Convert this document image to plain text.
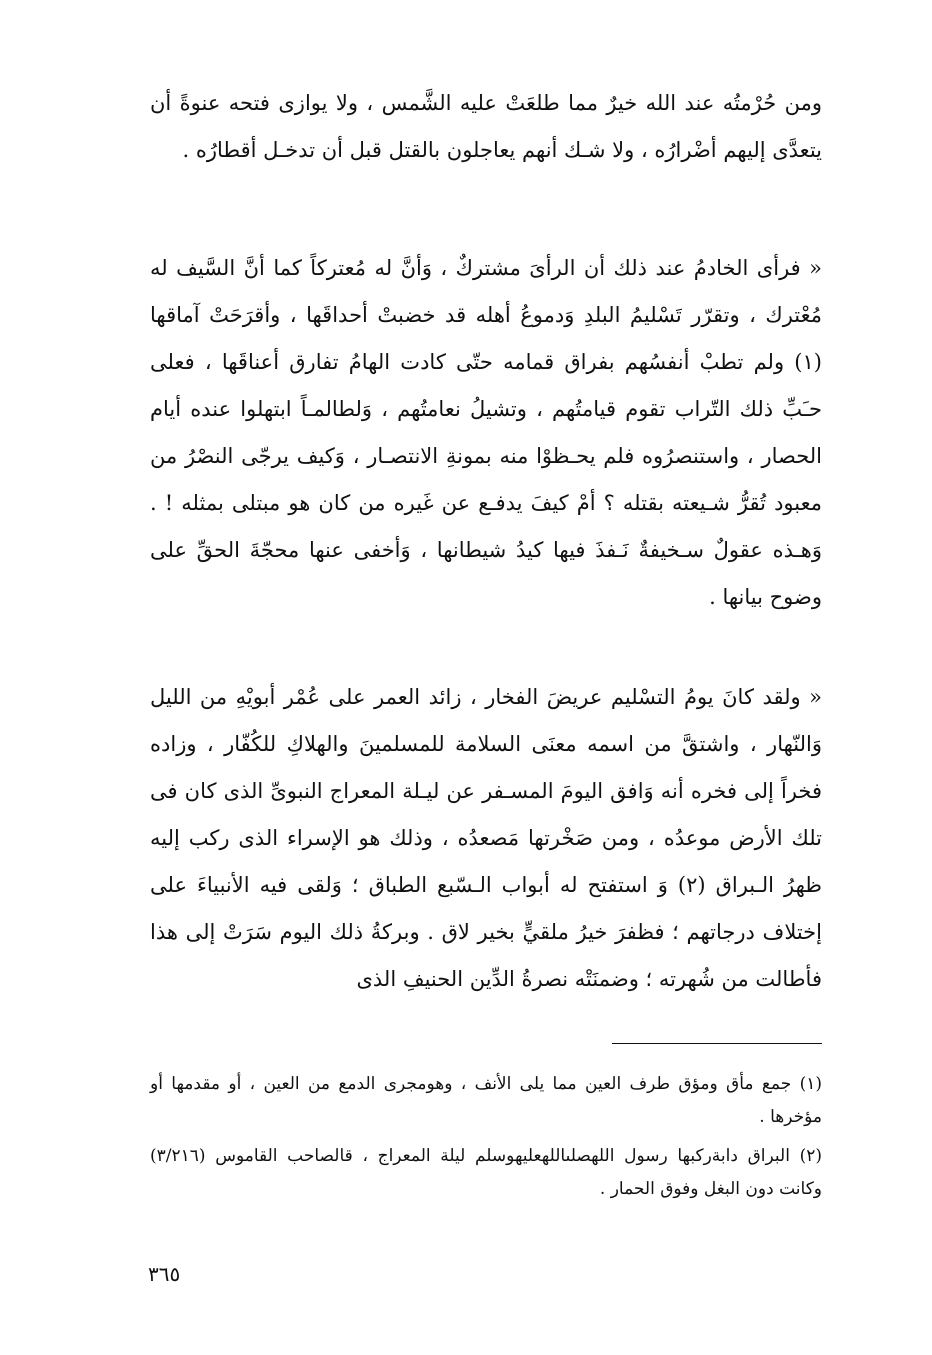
ومن حُرْمتُه عند الله خيرٌ مما طلعَتْ عليه الشَّمس ، ولا يوازى فتحه عنوةً أن يتعدَّى إليهم أضْرارُه ، ولا شـك أنهم يعاجلون بالقتل قبل أن تدخـل أقطارُه .

« فرأى الخادمُ عند ذلك أن الرأىَ مشتركٌ ، وَأنَّ له مُعتركاً كما أنَّ السَّيف له مُعْترك ، وتقرّر تَسْليمُ البلدِ وَدموعُ أهله قد خضبتْ أحداقَها ، وأقرَحَتْ آماقها (١) ولم تطبْ أنفسُهم بفراق قمامه حتّى كادت الهامُ تفارق أعناقَها ، فعلى حـَبِّ ذلك التّراب تقوم قيامتُهم ، وتشيلُ نعامتُهم ، وَلطالمـاً ابتهلوا عنده أيام الحصار ، واستنصرُوه فلم يحـظوْا منه بمونةِ الانتصـار ، وَكيف يرجّى النصْرُ من معبود تُقرُّ شـيعته بقتله ؟ أمْ كيفَ يدفـع عن غَيره من كان هو مبتلى بمثله ! . وَهـذه عقولٌ سـخيفةٌ نَـفذَ فيها كيدُ شيطانها ، وَأخفى عنها محجّةَ الحقِّ على وضوح بيانها .

« ولقد كانَ يومُ التسْليم عريضَ الفخار ، زائد العمر على عُمْر أبويْهِ من الليل وَالنّهار ، واشتقَّ من اسمه معنَى السلامة للمسلمينَ والهلاكِ للكُفّار ، وزاده فخراً إلى فخره أنه وَافق اليومَ المسـفر عن ليـلة المعراج النبوىِّ الذى كان فى تلك الأرض موعدُه ، ومن صَخْرتها مَصعدُه ، وذلك هو الإسراء الذى ركب إليه ظهرُ الـبراق (٢) وَ استفتح له أبواب الـسّبع الطباق ؛ وَلقى فيه الأنبياءَ على إختلاف درجاتهم ؛ فظفرَ خيرُ ملقيٍّ بخير لاق . وبركةُ ذلك اليوم سَرَتْ إلى هذا فأطالت من شُهرته ؛ وضمنَتْه نصرةُ الدِّين الحنيفِ الذى

(١) جمع مأق ومؤق طرف العين مما يلى الأنف ، وهومجرى الدمع من العين ، أو مقدمها أو مؤخرها .

(٢) البراق دابةركبها رسول اللهصلىاللهعليهوسلم ليلة المعراج ، قالصاحب القاموس (٣/٢١٦) وكانت دون البغل وفوق الحمار .

٣٦٥
